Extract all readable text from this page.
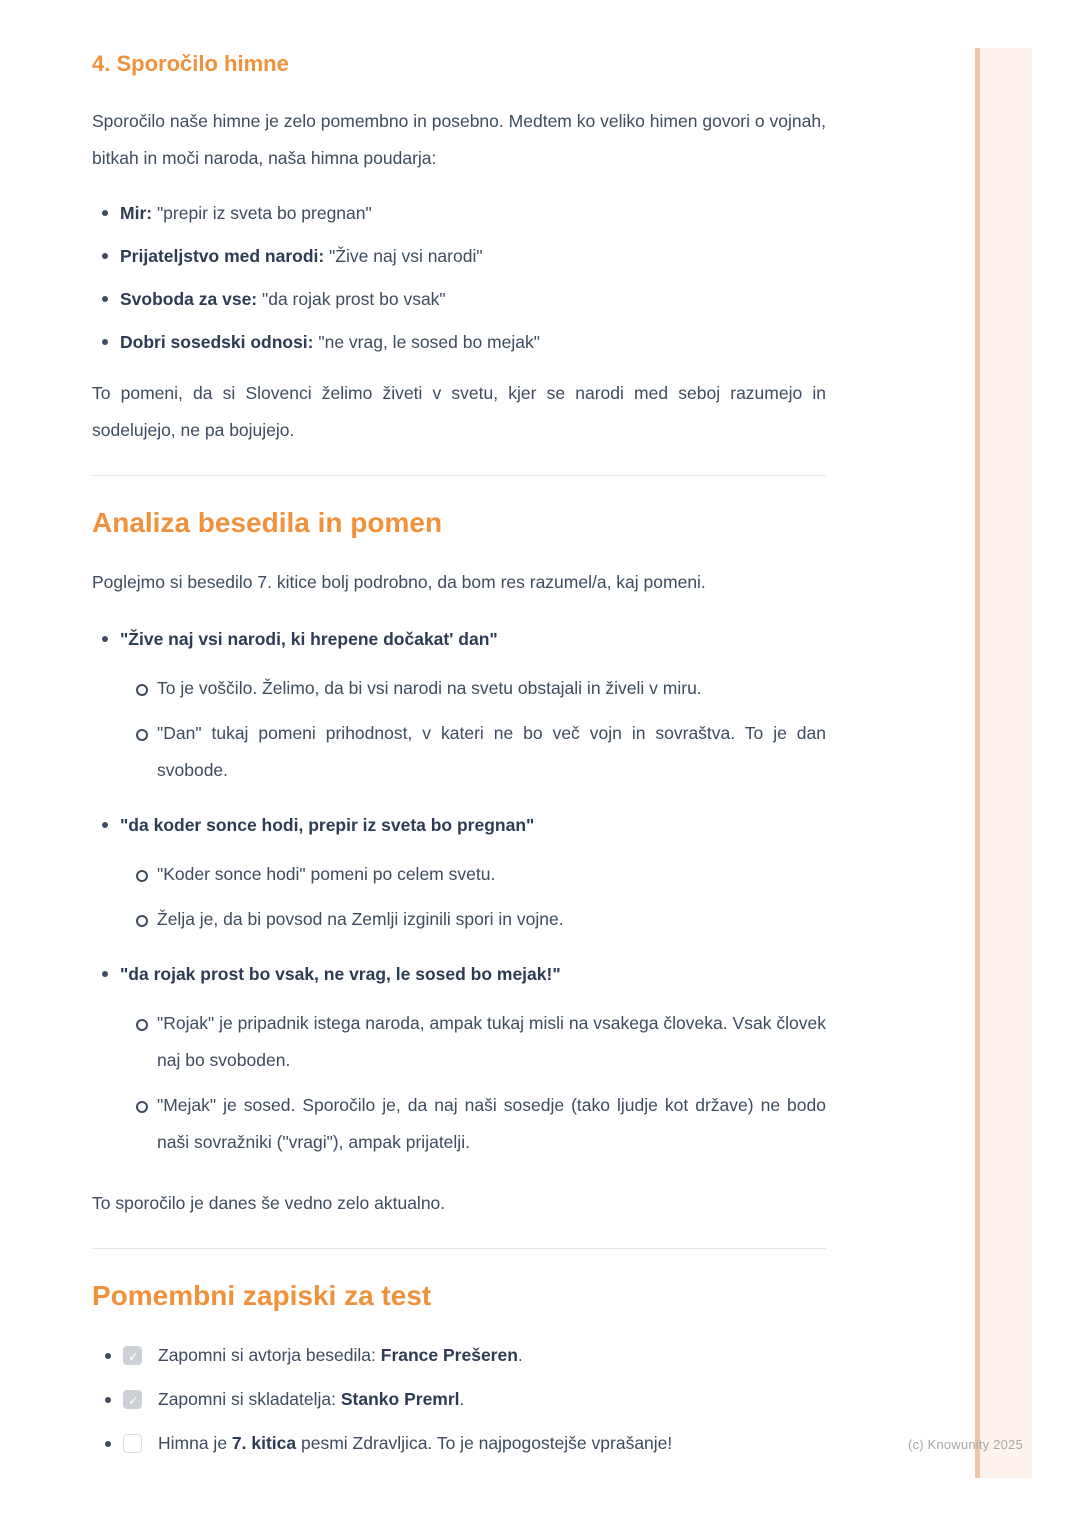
(c) Knowunity 2025
4. Sporočilo himne

Sporočilo naše himne je zelo pomembno in posebno. Medtem ko veliko himen govori o vojnah, bitkah in moči naroda, naša himna poudarja:

Mir: "prepir iz sveta bo pregnan"
Prijateljstvo med narodi: "Žive naj vsi narodi"
Svoboda za vse: "da rojak prost bo vsak"
Dobri sosedski odnosi: "ne vrag, le sosed bo mejak"

To pomeni, da si Slovenci želimo živeti v svetu, kjer se narodi med seboj razumejo in sodelujejo, ne pa bojujejo.

Analiza besedila in pomen

Poglejmo si besedilo 7. kitice bolj podrobno, da bom res razumel/a, kaj pomeni.

"Žive naj vsi narodi, ki hrepene dočakat' dan"
To je voščilo. Želimo, da bi vsi narodi na svetu obstajali in živeli v miru.
"Dan" tukaj pomeni prihodnost, v kateri ne bo več vojn in sovraštva. To je dan svobode.
"da koder sonce hodi, prepir iz sveta bo pregnan"
"Koder sonce hodi" pomeni po celem svetu.
Želja je, da bi povsod na Zemlji izginili spori in vojne.
"da rojak prost bo vsak, ne vrag, le sosed bo mejak!"
"Rojak" je pripadnik istega naroda, ampak tukaj misli na vsakega človeka. Vsak človek naj bo svoboden.
"Mejak" je sosed. Sporočilo je, da naj naši sosedje (tako ljudje kot države) ne bodo naši sovražniki ("vragi"), ampak prijatelji.

To sporočilo je danes še vedno zelo aktualno.

Pomembni zapiski za test
✓
Zapomni si avtorja besedila: France Prešeren.
✓
Zapomni si skladatelja: Stanko Premrl.
Himna je 7. kitica pesmi Zdravljica. To je najpogostejše vprašanje!
